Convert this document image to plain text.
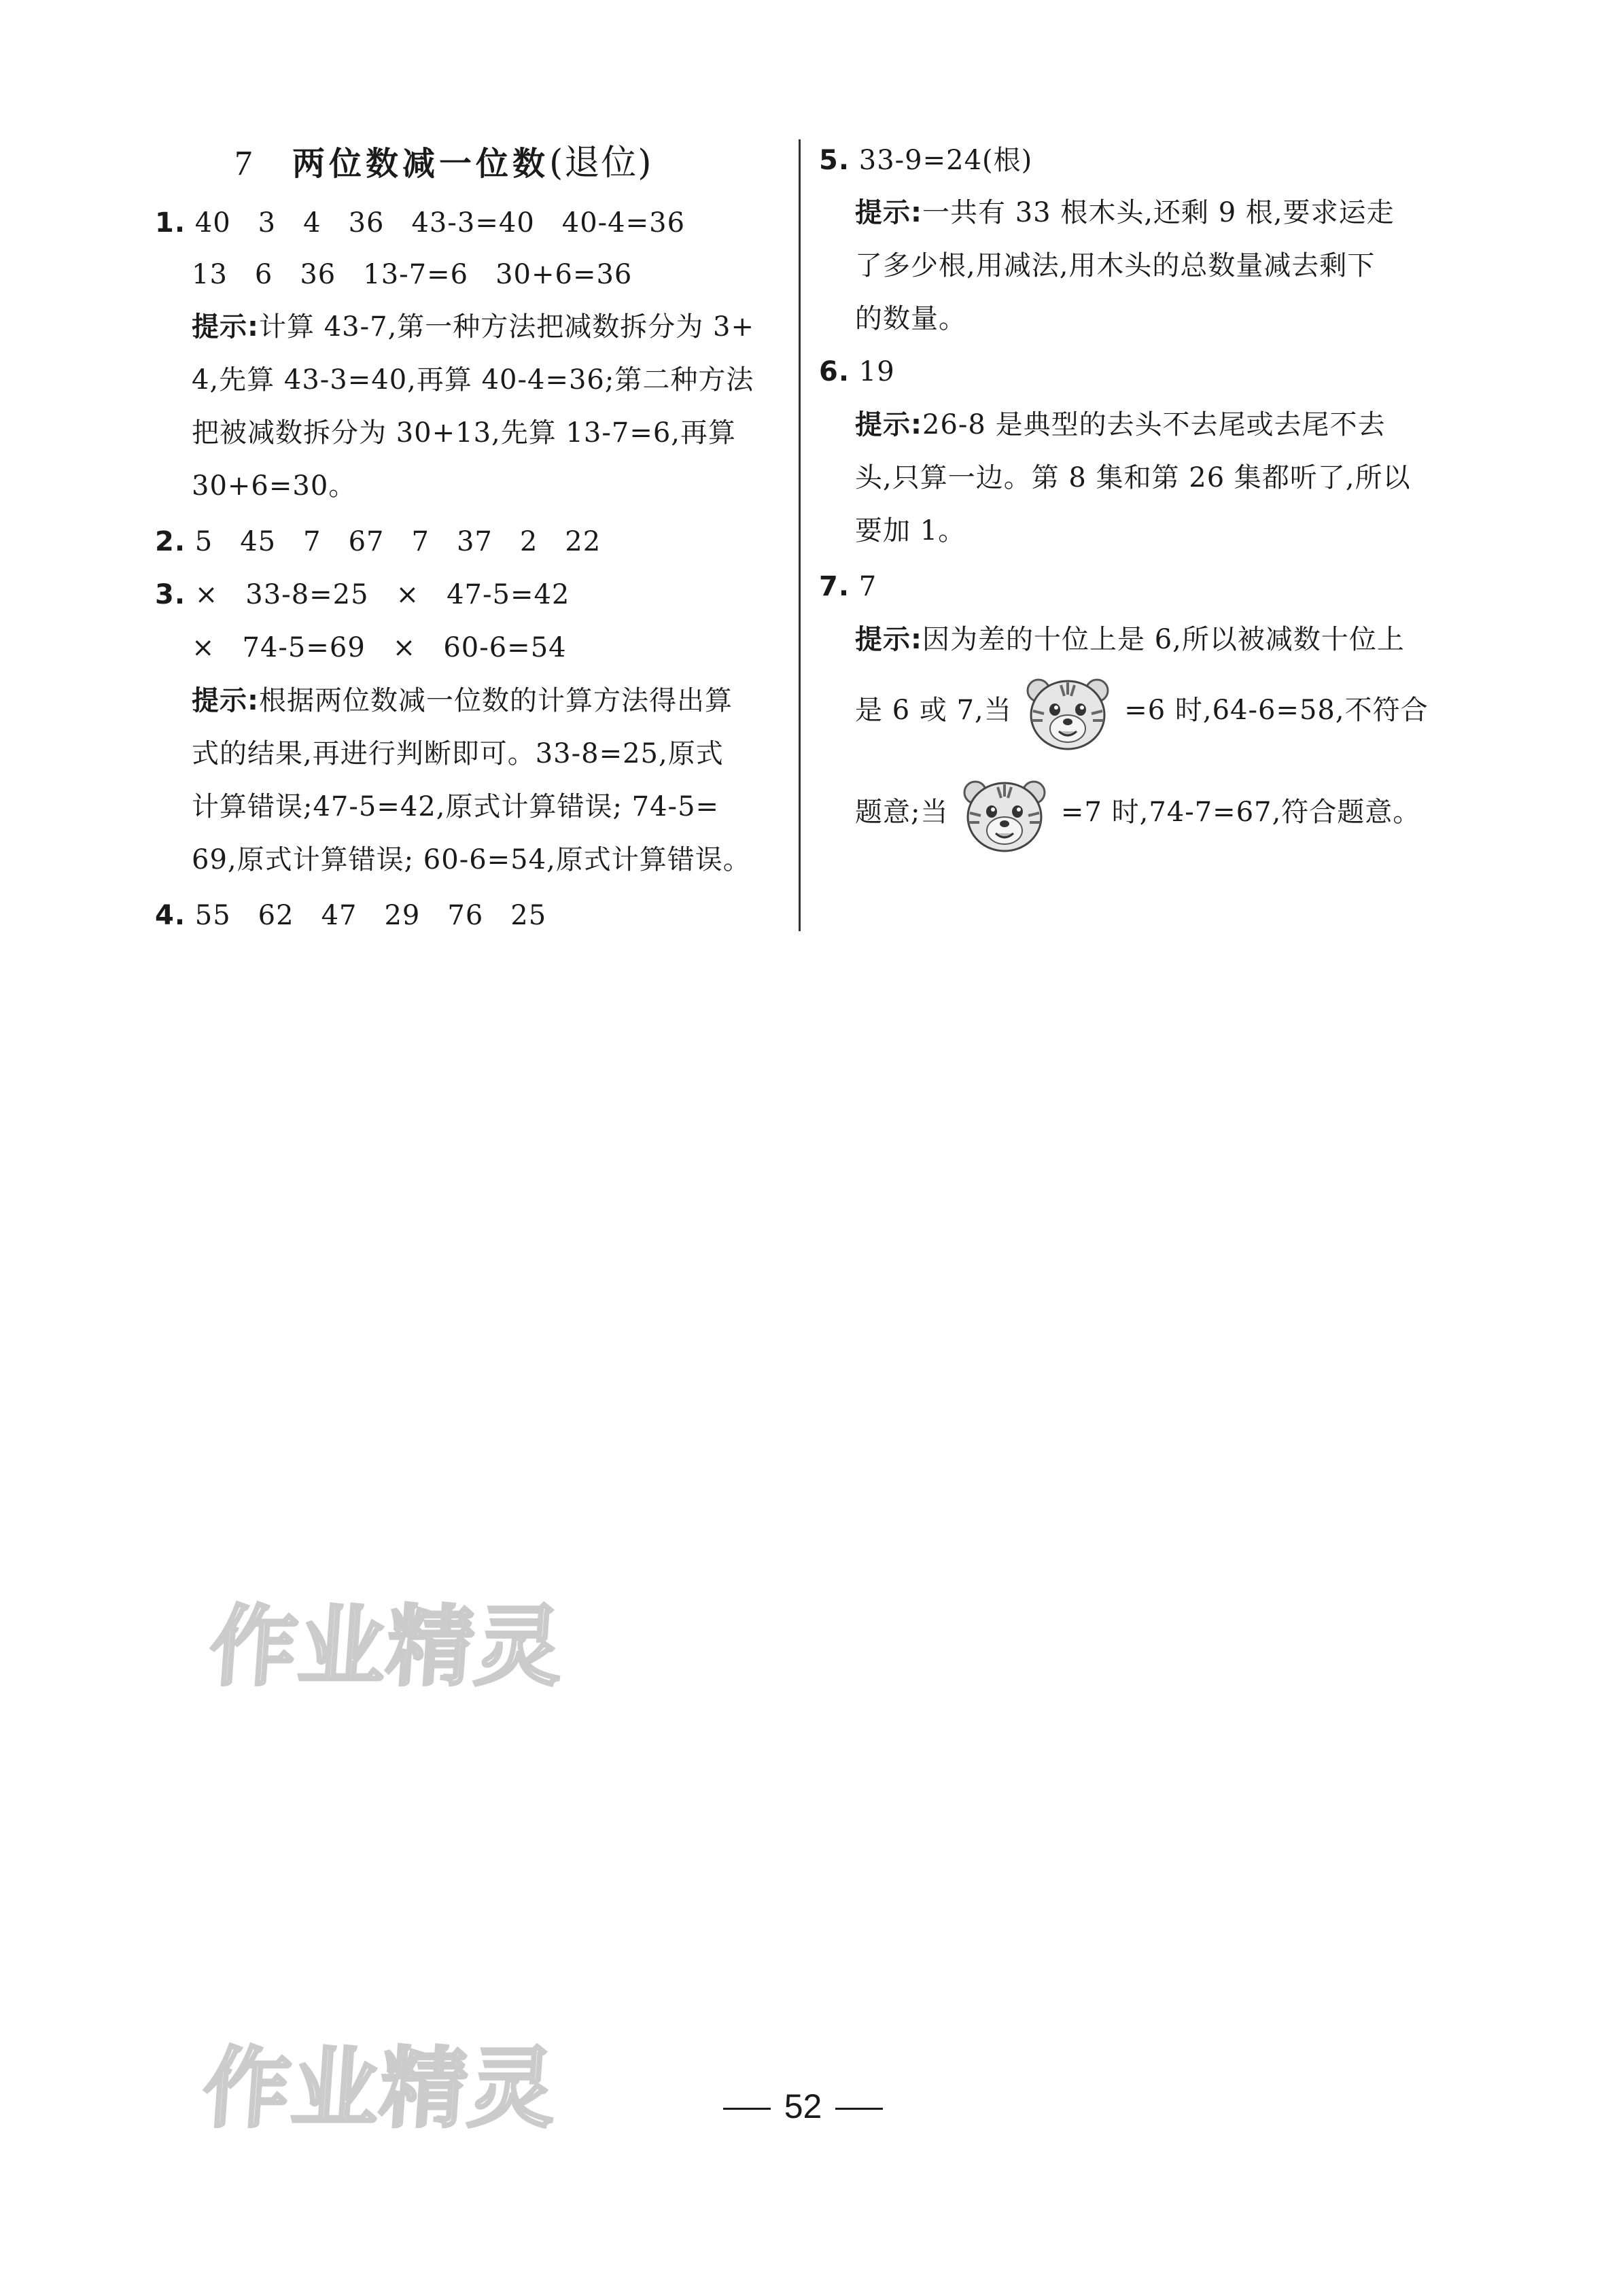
7 两位数减一位数(退位)
1. 40 3 4 36 43-3=40 40-4=36
13 6 36 13-7=6 30+6=36
提示:计算 43-7,第一种方法把减数拆分为 3+
4,先算 43-3=40,再算 40-4=36;第二种方法
把被减数拆分为 30+13,先算 13-7=6,再算
30+6=30。
2. 5 45 7 67 7 37 2 22
3. × 33-8=25 × 47-5=42
× 74-5=69 × 60-6=54
提示:根据两位数减一位数的计算方法得出算
式的结果,再进行判断即可。33-8=25,原式
计算错误;47-5=42,原式计算错误; 74-5=
69,原式计算错误; 60-6=54,原式计算错误。
4. 55 62 47 29 76 25
5. 33-9=24(根)
提示:一共有 33 根木头,还剩 9 根,要求运走
了多少根,用减法,用木头的总数量减去剩下
的数量。
6. 19
提示:26-8 是典型的去头不去尾或去尾不去
头,只算一边。第 8 集和第 26 集都听了,所以
要加 1。
7. 7
提示:因为差的十位上是 6,所以被减数十位上
是 6 或 7,当	=6 时,64-6=58,不符合
题意;当	=7 时,74-7=67,符合题意。
作业精灵
作业精灵	52
